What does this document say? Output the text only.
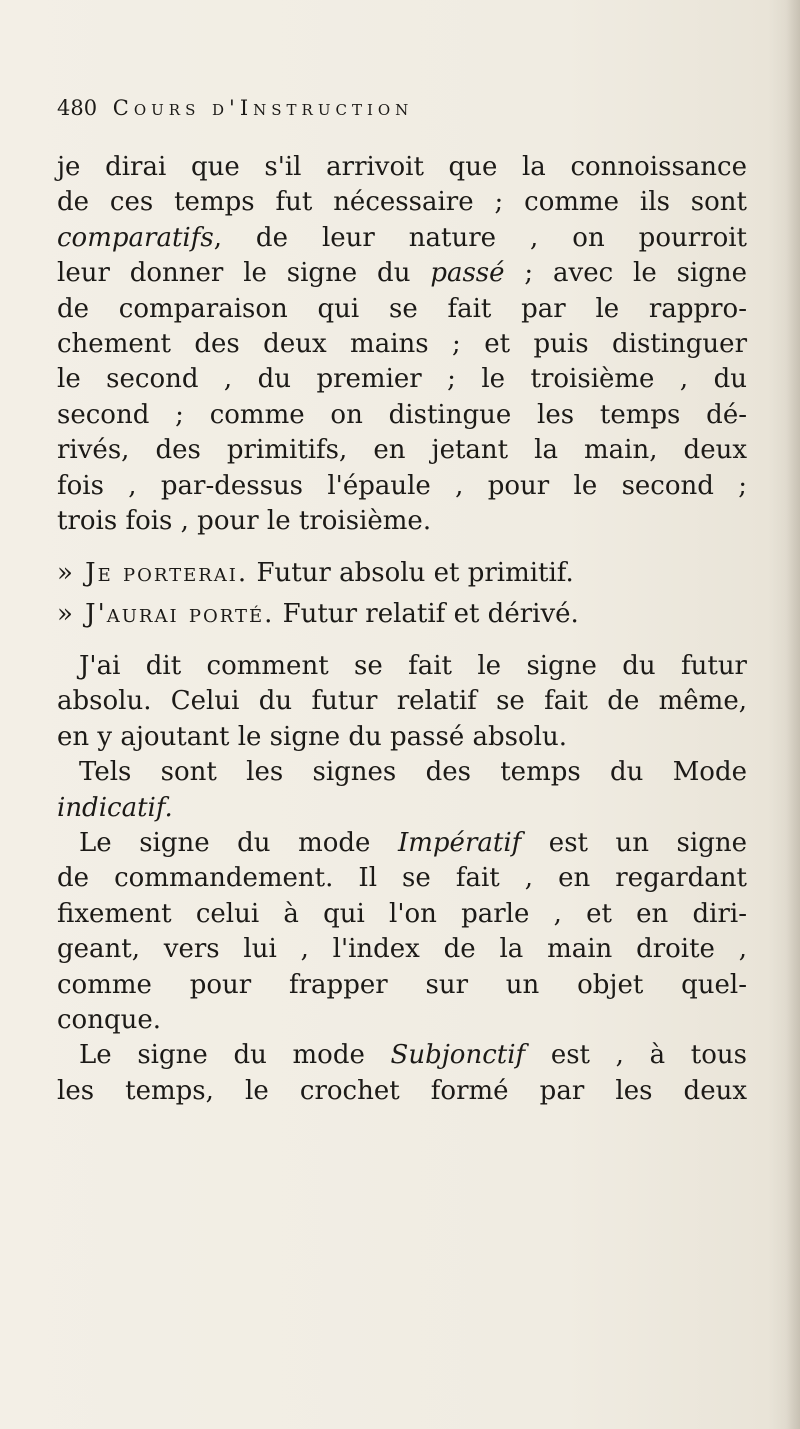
480 Cours d'Instruction
je dirai que s'il arrivoit que la connoissance
de ces temps fut nécessaire ; comme ils sont
comparatifs, de leur nature , on pourroit
leur donner le signe du passé ; avec le signe
de comparaison qui se fait par le rappro-
chement des deux mains ; et puis distinguer
le second , du premier ; le troisième , du
second ; comme on distingue les temps dé-
rivés, des primitifs, en jetant la main, deux
fois , par-dessus l'épaule , pour le second ;
trois fois , pour le troisième.
» Je porterai. Futur absolu et primitif.
» J'aurai porté. Futur relatif et dérivé.
J'ai dit comment se fait le signe du futur
absolu. Celui du futur relatif se fait de même,
en y ajoutant le signe du passé absolu.
Tels sont les signes des temps du Mode
indicatif.
Le signe du mode Impératif est un signe
de commandement. Il se fait , en regardant
fixement celui à qui l'on parle , et en diri-
geant, vers lui , l'index de la main droite ,
comme pour frapper sur un objet quel-
conque.
Le signe du mode Subjonctif est , à tous
les temps, le crochet formé par les deux
